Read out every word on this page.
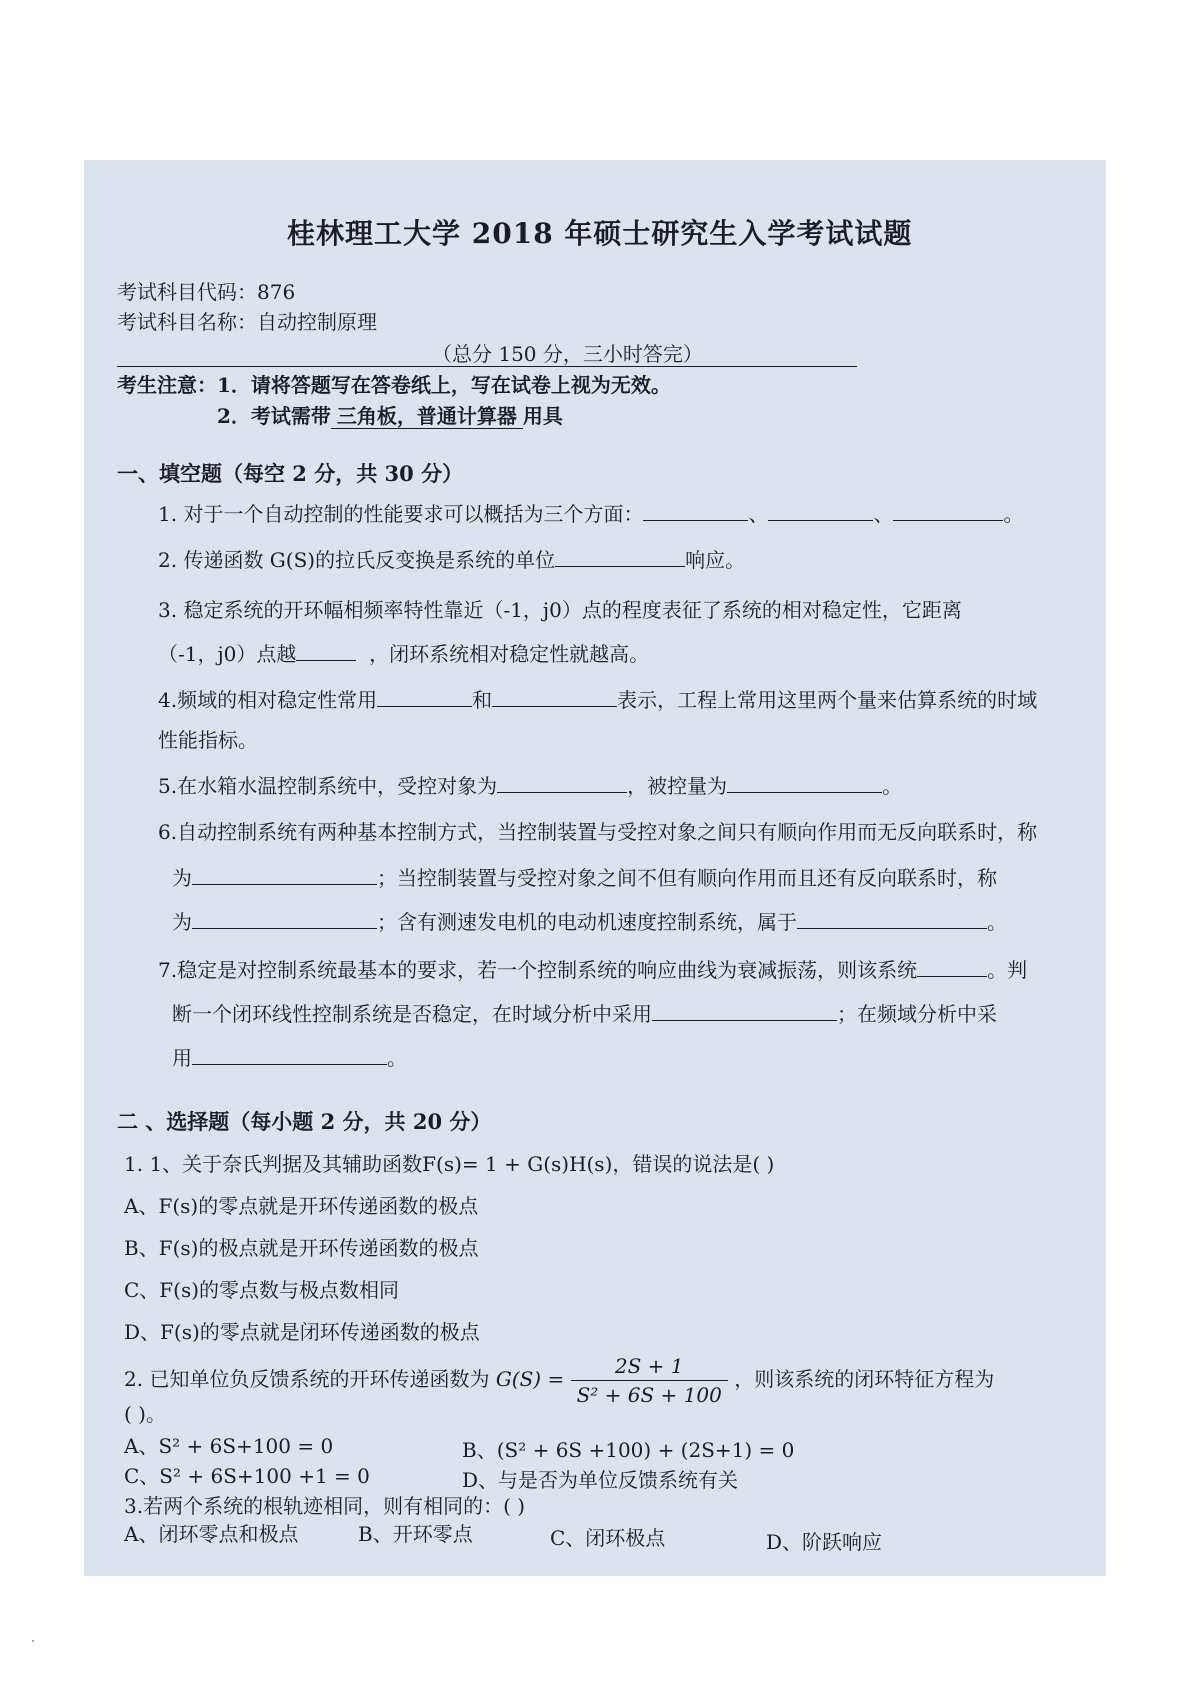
桂林理工大学 2018 年硕士研究生入学考试试题
考试科目代码：876
考试科目名称：自动控制原理
（总分 150 分，三小时答完）
考生注意： 1．请将答题写在答卷纸上，写在试卷上视为无效。
2．考试需带 三角板，普通计算器 用具
一、填空题（每空 2 分，共 30 分）
1. 对于一个自动控制的性能要求可以概括为三个方面：	、	、	。
2. 传递函数 G(S)的拉氏反变换是系统的单位	响应。
3. 稳定系统的开环幅相频率特性靠近（-1，j0）点的程度表征了系统的相对稳定性，它距离
（-1，j0）点越	，闭环系统相对稳定性就越高。
4.频域的相对稳定性常用	和	表示，工程上常用这里两个量来估算系统的时域
性能指标。
5.在水箱水温控制系统中，受控对象为	，被控量为	。
6.自动控制系统有两种基本控制方式，当控制装置与受控对象之间只有顺向作用而无反向联系时，称
为	；当控制装置与受控对象之间不但有顺向作用而且还有反向联系时，称
为	；含有测速发电机的电动机速度控制系统，属于	。
7.稳定是对控制系统最基本的要求，若一个控制系统的响应曲线为衰减振荡，则该系统	。判
断一个闭环线性控制系统是否稳定，在时域分析中采用	；在频域分析中采
用	。
二 、选择题（每小题 2 分，共 20 分）
1. 1、关于奈氏判据及其辅助函数F(s)= 1 + G(s)H(s)，错误的说法是( )
A、F(s)的零点就是开环传递函数的极点
B、F(s)的极点就是开环传递函数的极点
C、F(s)的零点数与极点数相同
D、F(s)的零点就是闭环传递函数的极点
2. 已知单位负反馈系统的开环传递函数为 $G(S) = \frac{2S + 1}{\text{S² + 6S + 100}}$ ，则该系统的闭环特征方程为
( )。
A、S² + 6S+100 = 0	B、(S² + 6S +100) + (2S+1) = 0
C、S² + 6S+100 +1 = 0	D、与是否为单位反馈系统有关
3.若两个系统的根轨迹相同，则有相同的：( )
A、闭环零点和极点	B、开环零点	C、闭环极点	D、阶跃响应
